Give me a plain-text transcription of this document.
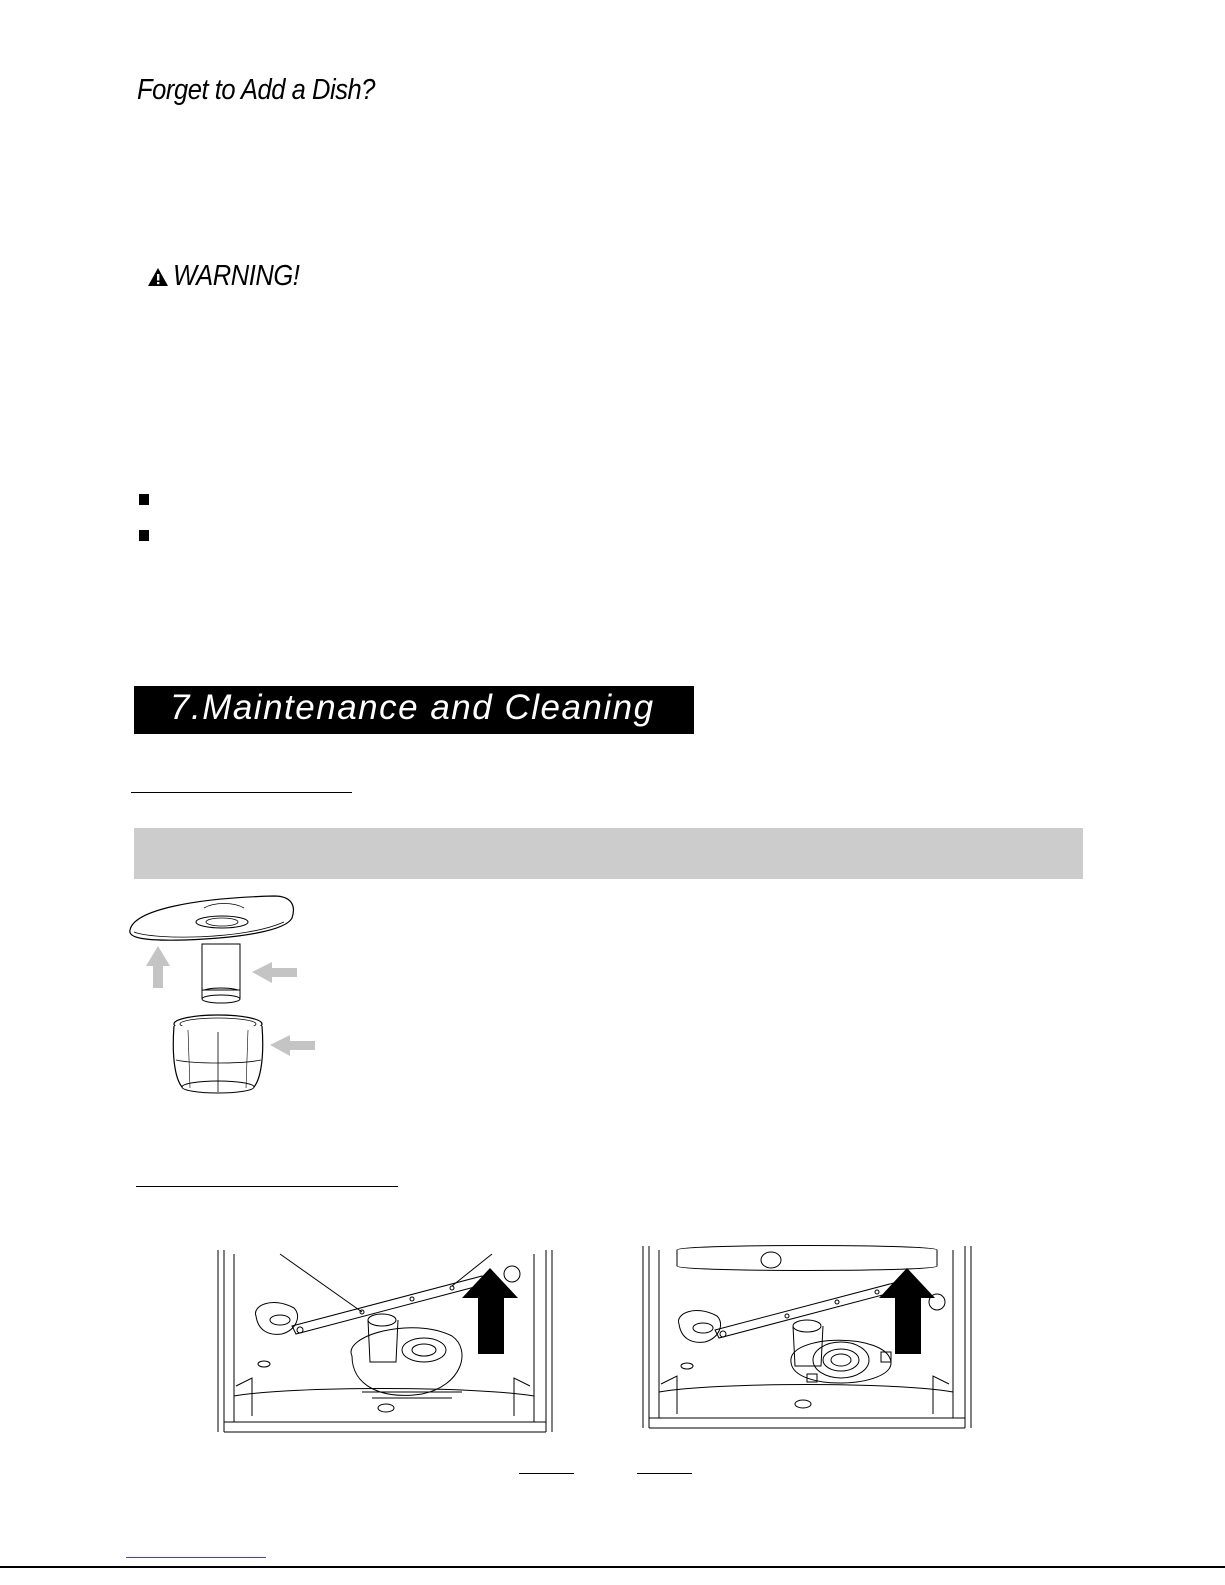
Forget to Add a Dish?
WARNING!
7.Maintenance and Cleaning
